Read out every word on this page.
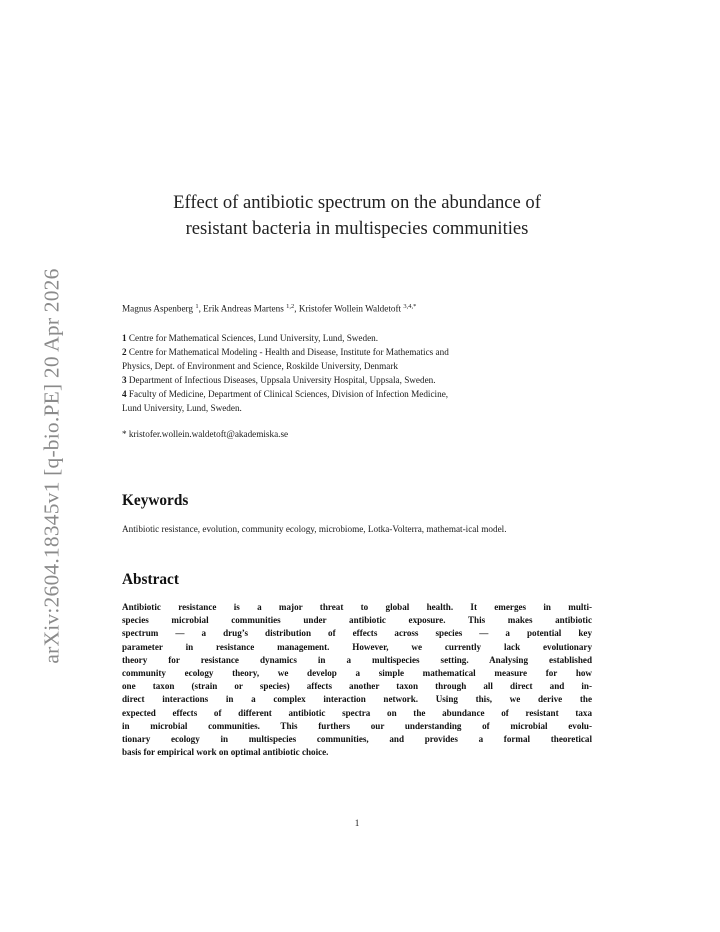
arXiv:2604.18345v1 [q-bio.PE] 20 Apr 2026
Effect of antibiotic spectrum on the abundance of
resistant bacteria in multispecies communities
Magnus Aspenberg $^1$, Erik Andreas Martens $^{1,2}$, Kristofer Wollein Waldetoft $^{3,4,*}$
1 Centre for Mathematical Sciences, Lund University, Lund, Sweden.
2 Centre for Mathematical Modeling - Health and Disease, Institute for Mathematics and
Physics, Dept. of Environment and Science, Roskilde University, Denmark
3 Department of Infectious Diseases, Uppsala University Hospital, Uppsala, Sweden.
4 Faculty of Medicine, Department of Clinical Sciences, Division of Infection Medicine,
Lund University, Lund, Sweden.
* kristofer.wollein.waldetoft@akademiska.se
Keywords
Antibiotic resistance, evolution, community ecology, microbiome, Lotka-Volterra, mathemat-ical model.
Abstract
Antibiotic resistance is a major threat to global health. It emerges in multi-
species microbial communities under antibiotic exposure. This makes antibiotic
spectrum — a drug’s distribution of effects across species — a potential key
parameter in resistance management. However, we currently lack evolutionary
theory for resistance dynamics in a multispecies setting. Analysing established
community ecology theory, we develop a simple mathematical measure for how
one taxon (strain or species) affects another taxon through all direct and in-
direct interactions in a complex interaction network. Using this, we derive the
expected effects of different antibiotic spectra on the abundance of resistant taxa
in microbial communities. This furthers our understanding of microbial evolu-
tionary ecology in multispecies communities, and provides a formal theoretical
basis for empirical work on optimal antibiotic choice.
1
